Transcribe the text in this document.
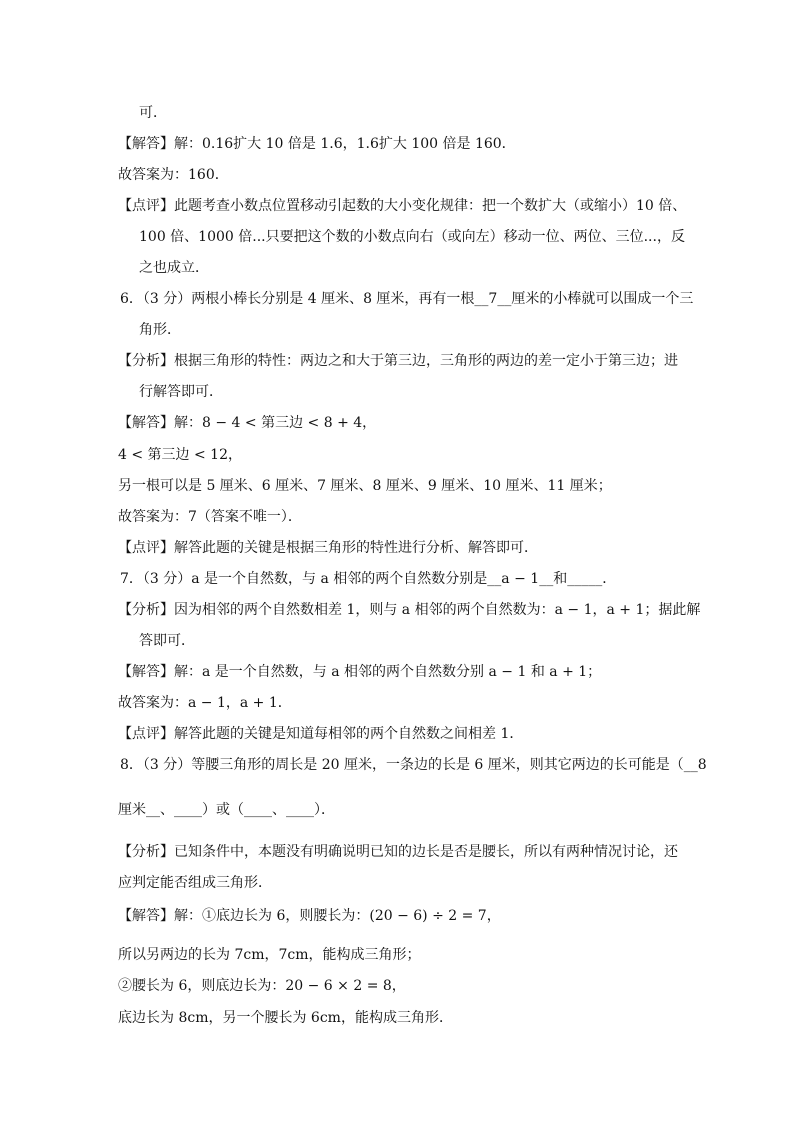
可．
【解答】解：0.16扩大 10 倍是 1.6，1.6扩大 100 倍是 160．
故答案为：160．
【点评】此题考查小数点位置移动引起数的大小变化规律：把一个数扩大（或缩小）10 倍、
100 倍、1000 倍...只要把这个数的小数点向右（或向左）移动一位、两位、三位...，反
之也成立．
6．（3 分）两根小棒长分别是 4 厘米、8 厘米，再有一根__7__厘米的小棒就可以围成一个三
角形．
【分析】根据三角形的特性：两边之和大于第三边，三角形的两边的差一定小于第三边；进
行解答即可．
【解答】解：8 − 4 < 第三边 < 8 + 4，
4 < 第三边 < 12，
另一根可以是 5 厘米、6 厘米、7 厘米、8 厘米、9 厘米、10 厘米、11 厘米；
故答案为：7（答案不唯一）．
【点评】解答此题的关键是根据三角形的特性进行分析、解答即可．
7．（3 分）a 是一个自然数，与 a 相邻的两个自然数分别是__a − 1__和_____．
【分析】因为相邻的两个自然数相差 1，则与 a 相邻的两个自然数为：a − 1，a + 1；据此解
答即可．
【解答】解：a 是一个自然数，与 a 相邻的两个自然数分别 a − 1 和 a + 1；
故答案为：a − 1，a + 1．
【点评】解答此题的关键是知道每相邻的两个自然数之间相差 1．
8．（3 分）等腰三角形的周长是 20 厘米，一条边的长是 6 厘米，则其它两边的长可能是（__8
厘米__、____）或（____、____）．
【分析】已知条件中，本题没有明确说明已知的边长是否是腰长，所以有两种情况讨论，还
应判定能否组成三角形．
【解答】解：①底边长为 6，则腰长为：(20 − 6) ÷ 2 = 7，
所以另两边的长为 7cm，7cm，能构成三角形；
②腰长为 6，则底边长为：20 − 6 × 2 = 8，
底边长为 8cm，另一个腰长为 6cm，能构成三角形．
